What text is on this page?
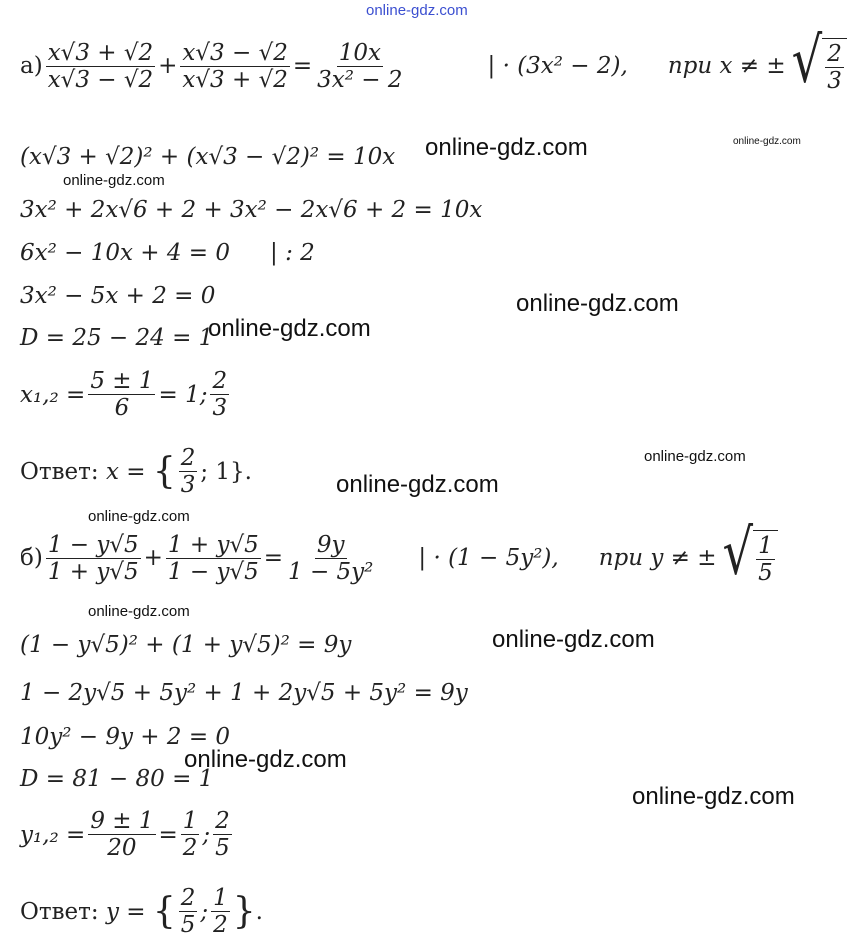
online-gdz.com
online-gdz.com	online-gdz.com
online-gdz.com
online-gdz.com
online-gdz.com
online-gdz.com
online-gdz.com
online-gdz.com
online-gdz.com
online-gdz.com
online-gdz.com
online-gdz.com
$а) \frac{x√3 + √2}{x√3 - √2} + \frac{x√3 - √2}{x√3 + √2} = \frac{10x}{\text{3x² − 2}}$	| · (3x² − 2), при x ≠ ± √ $\frac{2}{3}$
(x√3 + √2)² + (x√3 − √2)² = 10x
3x² + 2x√6 + 2 + 3x² − 2x√6 + 2 = 10x
6x² − 10x + 4 = 0 | : 2
3x² − 5x + 2 = 0
D = 25 − 24 = 1
$x_1,_2 = \frac{5 \pm 1}{6} = 1$; $\frac{2}{3}$
Ответ:
x =
{ $\frac{2}{3}$ ; 1}.
$б) \frac{1 - y√5}{1 + y√5} + \frac{1 + y√5}{1 - y√5} = \frac{9y}{\text{1 − 5y²}}$ | · (1 − 5y²), при y ≠ ± √ $\frac{1}{5}$
(1 − y√5)² + (1 + y√5)² = 9y
1 − 2y√5 + 5y² + 1 + 2y√5 + 5y² = 9y
10y² − 9y + 2 = 0
D = 81 − 80 = 1
$y_1,_2 = \frac{9 \pm 1}{20} = \frac{1}{2}$ ; $\frac{2}{5}$
Ответ:
y =
{ $\frac{2}{5}$ ; $\frac{1}{2}$ } .
